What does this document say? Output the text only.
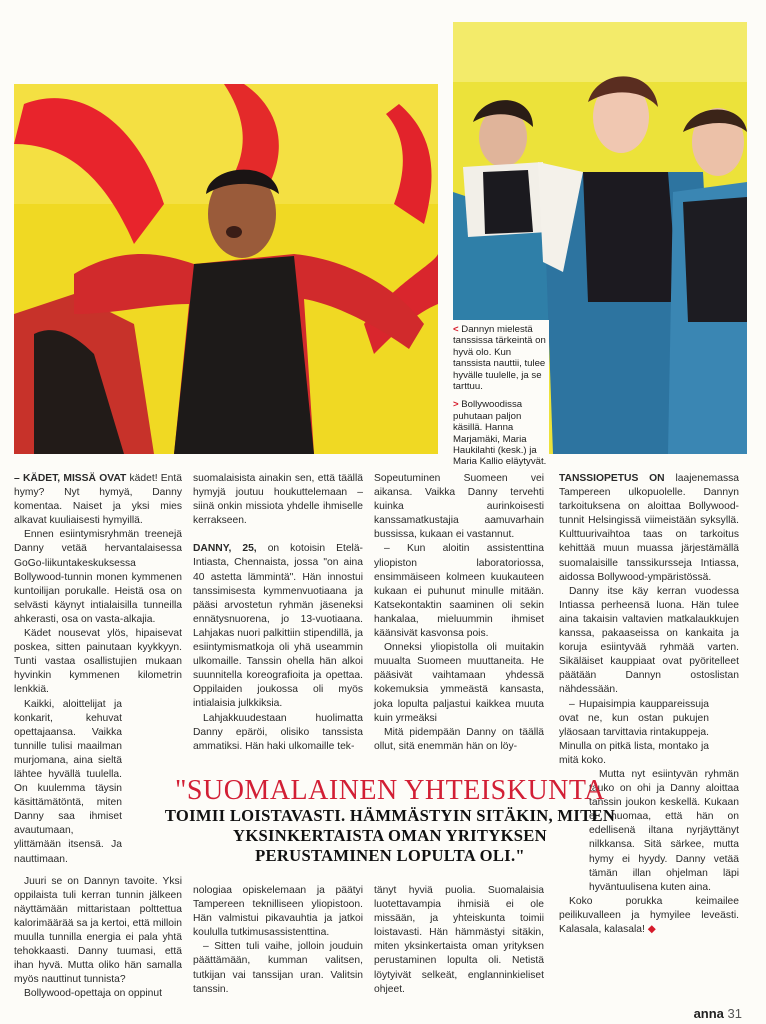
< Dannyn mielestä tanssissa tärkeintä on hyvä olo. Kun tanssista nauttii, tulee hyvälle tuulelle, ja se tarttuu.

> Bollywoodissa puhutaan paljon käsillä. Hanna Marjamäki, Maria Haukilahti (kesk.) ja Maria Kallio eläytyvät.

– KÄDET, MISSÄ OVAT kädet! Entä hymy? Nyt hymyä, Danny komentaa. Naiset ja yksi mies alkavat kuuliaisesti hymyillä.

Ennen esiintymisryhmän treenejä Danny vetää hervantalaisessa GoGo-liikuntakeskuksessa Bollywood-tunnin monen kymmenen kuntoilijan porukalle. Heistä osa on selvästi käynyt intialaisilla tunneilla ahkerasti, osa on vasta-alkajia.

Kädet nousevat ylös, hipaisevat poskea, sitten painutaan kyykkyyn. Tunti vastaa osallistujien mukaan hyvinkin kymmenen kilometrin lenkkiä.

Kaikki, aloittelijat ja konkarit, kehuvat opettajaansa. Vaikka tunnille tulisi maailman murjomana, aina sieltä lähtee hyvällä tuulella. On kuulemma täysin käsittämätöntä, miten Danny saa ihmiset avautumaan, ylittämään itsensä. Ja nauttimaan.

Juuri se on Dannyn tavoite. Yksi oppilaista tuli kerran tunnin jälkeen näyttämään mittaristaan polttettua kalorimäärää sa ja kertoi, että milloin muulla tunnilla energia ei pala yhtä tehokkaasti. Danny tuumasi, että ihan hyvä. Mutta oliko hän samalla myös nauttinut tunnista?

Bollywood-opettaja on oppinut

suomalaisista ainakin sen, että täällä hymyjä joutuu houkuttelemaan – siinä onkin missiota yhdelle ihmiselle kerrakseen.

DANNY, 25, on kotoisin Etelä-Intiasta, Chennaista, jossa "on aina 40 astetta lämmintä". Hän innostui tanssimisesta kymmenvuotiaana ja pääsi arvostetun ryhmän jäseneksi ennätysnuorena, jo 13-vuotiaana. Lahjakas nuori palkittiin stipendillä, ja esiintymismatkoja oli yhä useammin ulkomaille. Tanssin ohella hän alkoi suunnitella koreografioita ja opettaa. Oppilaiden joukossa oli myös intialaisia julkkiksia.

Lahjakkuudestaan huolimatta Danny epäröi, olisiko tanssista ammatiksi. Hän haki ulkomaille tek-

nologiaa opiskelemaan ja päätyi Tampereen teknilliseen yliopistoon. Hän valmistui pikavauhtia ja jatkoi koululla tutkimusassistenttina.

– Sitten tuli vaihe, jolloin jouduin päättämään, kumman valitsen, tutkijan vai tanssijan uran. Valitsin tanssin.

Sopeutuminen Suomeen vei aikansa. Vaikka Danny tervehti kuinka aurinkoisesti kanssamatkustajia aamuvarhain bussissa, kukaan ei vastannut.

– Kun aloitin assistenttina yliopiston laboratoriossa, ensimmäiseen kolmeen kuukauteen kukaan ei puhunut minulle mitään. Katsekontaktin saaminen oli sekin hankalaa, mieluummin ihmiset käänsivät kasvonsa pois.

Onneksi yliopistolla oli muitakin muualta Suomeen muuttaneita. He pääsivät vaihtamaan yhdessä kokemuksia ymmeästä kansasta, joka lopulta paljastui kaikkea muuta kuin yrmeäksi

Mitä pidempään Danny on täällä ollut, sitä enemmän hän on löy-

tänyt hyviä puolia. Suomalaisia luotettavampia ihmisiä ei ole missään, ja yhteiskunta toimii loistavasti. Hän hämmästyi sitäkin, miten yksinkertaista oman yrityksen perustaminen lopulta oli. Netistä löytyivät selkeät, englanninkieliset ohjeet.

TANSSIOPETUS ON laajenemassa Tampereen ulkopuolelle. Dannyn tarkoituksena on aloittaa Bollywood-tunnit Helsingissä viimeistään syksyllä. Kulttuurivaihtoa taas on tarkoitus kehittää muun muassa järjestämällä suomalaisille tanssikursseja Intiassa, aidossa Bollywood-ympäristössä.

Danny itse käy kerran vuodessa Intiassa perheensä luona. Hän tulee aina takaisin valtavien matkalaukkujen kanssa, pakaaseissa on kankaita ja koruja esiintyvää ryhmää varten. Sikäläiset kauppiaat ovat pyöritelleet päätään Dannyn ostoslistan nähdessään.

– Hupaisimpia kauppareissuja ovat ne, kun ostan pukujen yläosaan tarvittavia rintakuppeja. Minulla on pitkä lista, montako ja mitä koko.

Mutta nyt esiintyvän ryhmän tauko on ohi ja Danny aloittaa tanssin joukon keskellä. Kukaan ei huomaa, että hän on edellisenä iltana nyrjäyttänyt nilkkansa. Sitä särkee, mutta hymy ei hyydy. Danny vetää tämän illan ohjelman läpi hyväntuulisena kuten aina.

Koko porukka keimailee peilikuvalleen ja hymyilee leveästi. Kalasala, kalasala! ◆

"SUOMALAINEN YHTEISKUNTA
TOIMII LOISTAVASTI. HÄMMÄSTYIN SITÄKIN, MITEN
YKSINKERTAISTA OMAN YRITYKSEN
PERUSTAMINEN LOPULTA OLI."
anna 31
